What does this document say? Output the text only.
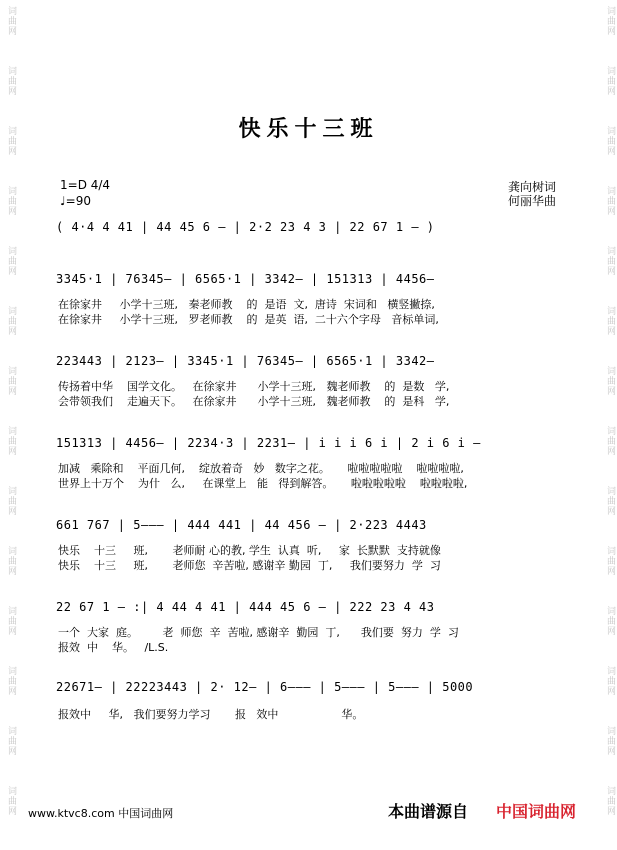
词曲网
词曲网
词曲网
词曲网
词曲网
词曲网
词曲网
词曲网
词曲网
词曲网
词曲网
词曲网
词曲网
词曲网
词曲网
词曲网
词曲网
词曲网
词曲网
词曲网
词曲网
词曲网
词曲网
词曲网
词曲网
词曲网
词曲网
词曲网
快乐十三班
1=D 4/4
♩=90
龚向树词
何丽华曲
( 4·4 4 41 | 44 45 6 – | 2·2 23 4 3 | 22 67 1 – )
3345·1 | 76345– | 6565·1 | 3342– | 151313 | 4456–
在徐家井     小学十三班,   秦老师教    的  是语  文,  唐诗  宋词和   横竖撇捺,
在徐家井     小学十三班,   罗老师教    的  是英  语,  二十六个字母   音标单词,
223443 | 2123– | 3345·1 | 76345– | 6565·1 | 3342–
传扬着中华    国学文化。   在徐家井      小学十三班,   魏老师教    的  是数   学,
会带领我们    走遍天下。   在徐家井      小学十三班,   魏老师教    的  是科   学,
151313 | 4456– | 2234·3 | 2231– | i i i 6 i | 2 i 6 i –
加减   乘除和    平面几何,    绽放着奇   妙   数字之花。     啦啦啦啦啦    啦啦啦啦,
世界上十万个    为什   么,     在课堂上   能   得到解答。     啦啦啦啦啦    啦啦啦啦,
661 767 | 5––– | 444 441 | 44 456 – | 2·223 4443
快乐    十三     班,       老师耐 心的教, 学生  认真  听,     家  长默默  支持就像
快乐    十三     班,       老师您  辛苦啦, 感谢辛 勤园  丁,     我们要努力  学  习
22 67 1 – :| 4 44 4 41 | 444 45 6 – | 222 23 4 43
一个  大家  庭。       老  师您  辛  苦啦, 感谢辛  勤园  丁,      我们要  努力  学  习
报效  中    华。   /L.S.
22671– | 22223443 | 2· 12– | 6––– | 5––– | 5––– | 5000
报效中     华,   我们要努力学习       报   效中                  华。
www.ktvc8.com 中国词曲网	本曲谱源自 中国词曲网
